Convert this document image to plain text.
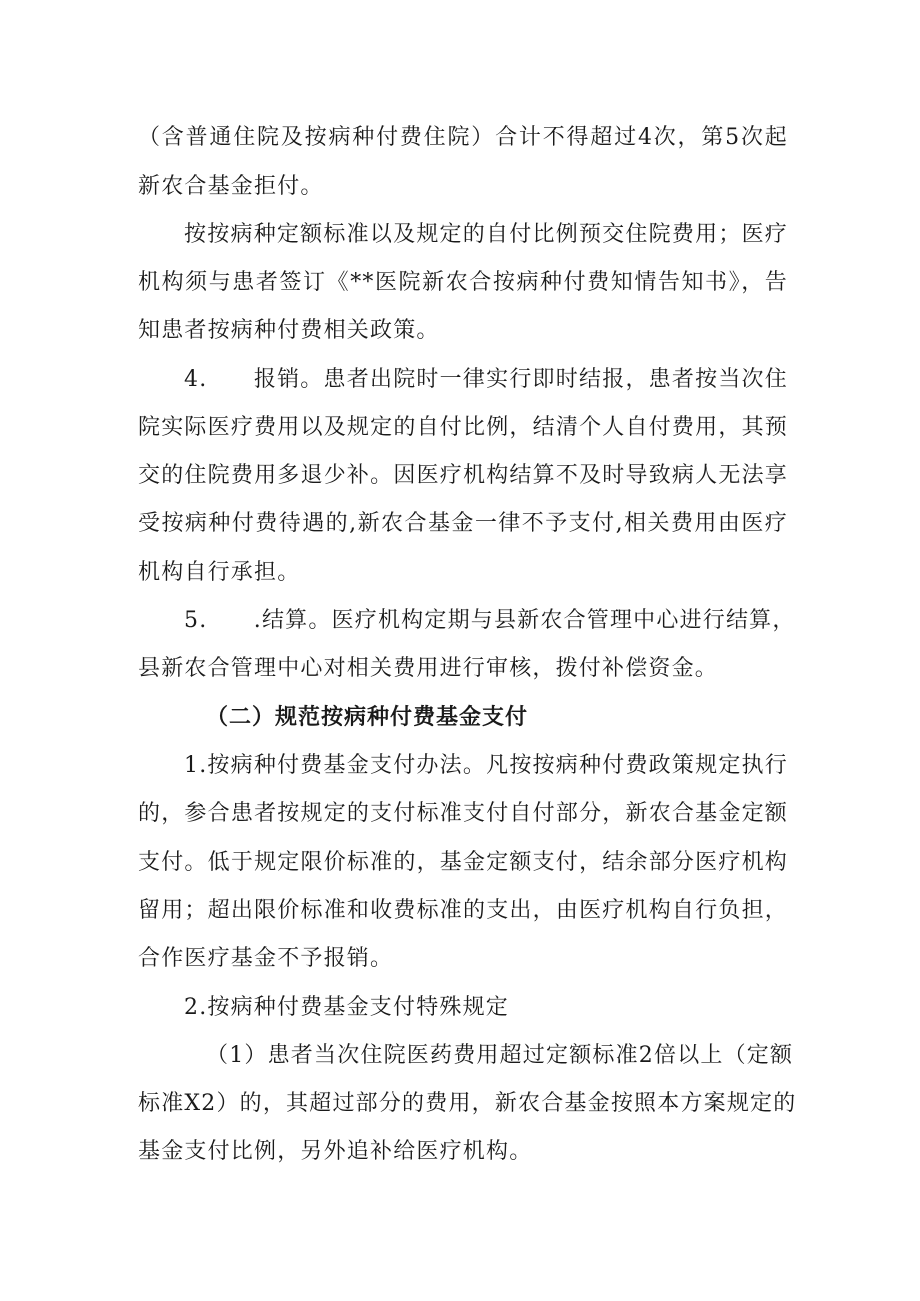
（含普通住院及按病种付费住院）合计不得超过4次，第5次起
新农合基金拒付。
按按病种定额标准以及规定的自付比例预交住院费用；医疗
机构须与患者签订《**医院新农合按病种付费知情告知书》，告
知患者按病种付费相关政策。
4.　　报销。患者出院时一律实行即时结报，患者按当次住
院实际医疗费用以及规定的自付比例，结清个人自付费用，其预
交的住院费用多退少补。因医疗机构结算不及时导致病人无法享
受按病种付费待遇的,新农合基金一律不予支付,相关费用由医疗
机构自行承担。
5.　　.结算。医疗机构定期与县新农合管理中心进行结算，
县新农合管理中心对相关费用进行审核，拨付补偿资金。
（二）规范按病种付费基金支付
1.按病种付费基金支付办法。凡按按病种付费政策规定执行
的，参合患者按规定的支付标准支付自付部分，新农合基金定额
支付。低于规定限价标准的，基金定额支付，结余部分医疗机构
留用；超出限价标准和收费标准的支出，由医疗机构自行负担，
合作医疗基金不予报销。
2.按病种付费基金支付特殊规定
（1）患者当次住院医药费用超过定额标准2倍以上（定额
标准X2）的，其超过部分的费用，新农合基金按照本方案规定的
基金支付比例，另外追补给医疗机构。
